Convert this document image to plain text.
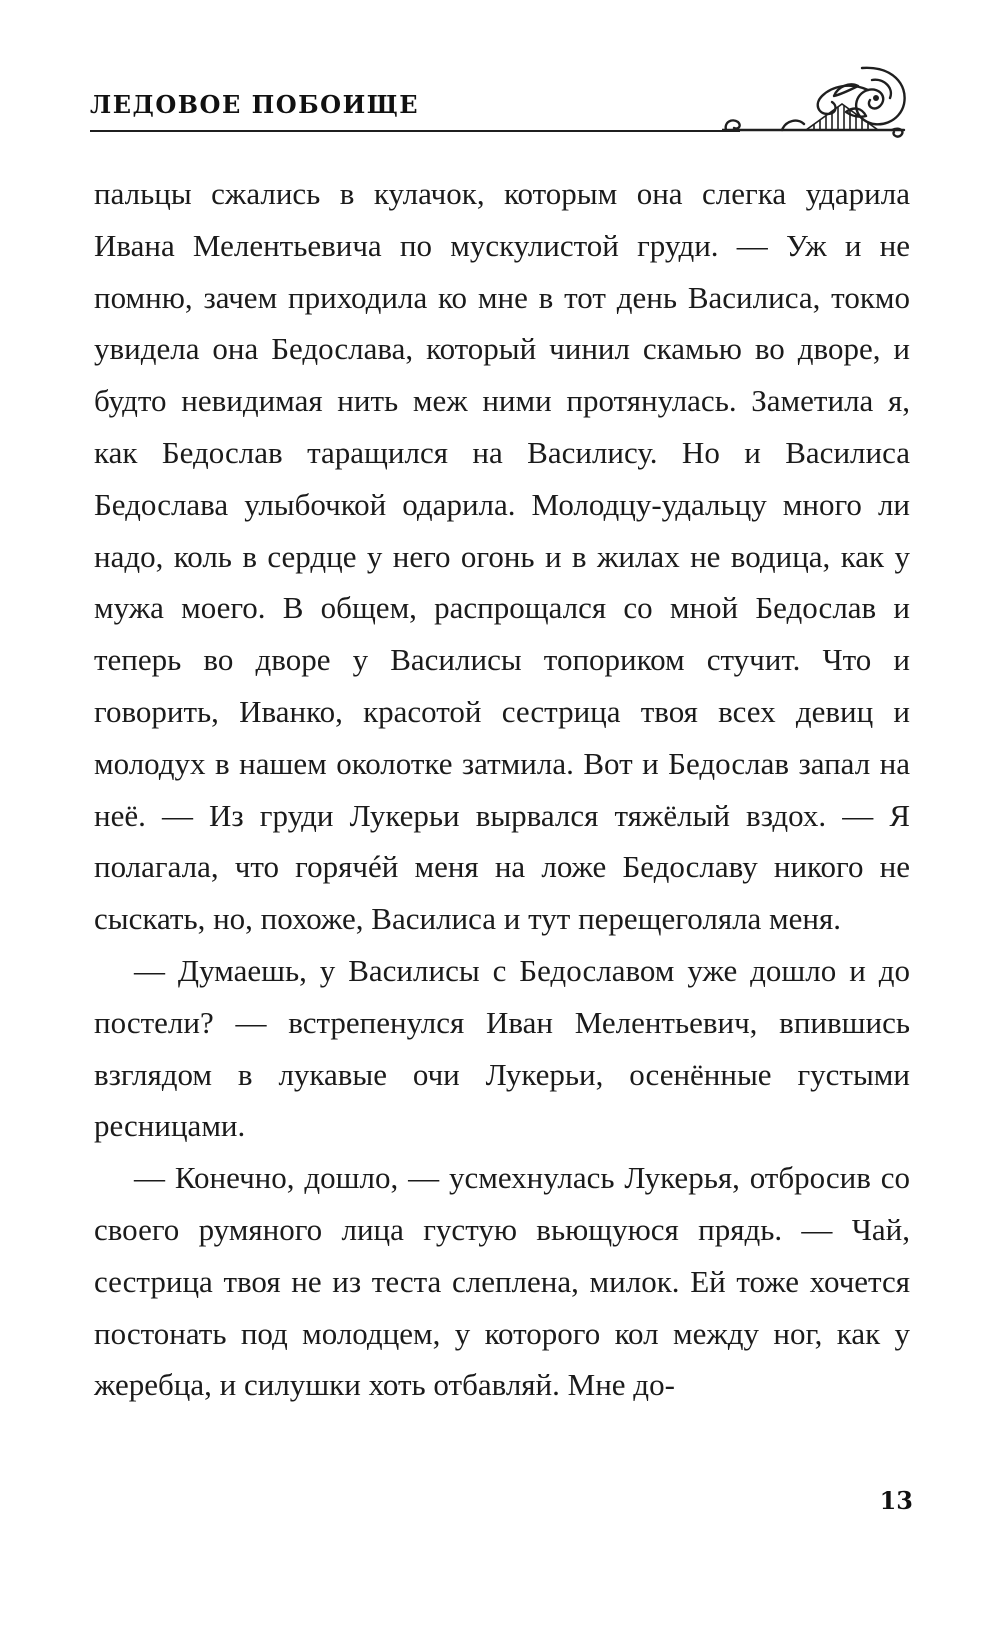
ЛЕДОВОЕ ПОБОИЩЕ

пальцы сжались в кулачок, которым она слегка ударила Ивана Мелентьевича по мускулистой груди. — Уж и не помню, зачем приходила ко мне в тот день Василиса, токмо увидела она Бедослава, который чинил скамью во дворе, и будто невидимая нить меж ними протянулась. Заметила я, как Бедослав таращился на Василису. Но и Василиса Бедослава улыбочкой одарила. Молодцу-удальцу много ли надо, коль в сердце у него огонь и в жилах не водица, как у мужа моего. В общем, распрощался со мной Бедослав и теперь во дворе у Василисы топориком стучит. Что и говорить, Иванко, красотой сестрица твоя всех девиц и молодух в нашем околотке затмила. Вот и Бедослав запал на неё. — Из груди Лукерьи вырвался тяжёлый вздох. — Я полагала, что горячéй меня на ложе Бедославу никого не сыскать, но, похоже, Василиса и тут перещеголяла меня.

— Думаешь, у Василисы с Бедославом уже дошло и до постели? — встрепенулся Иван Мелентьевич, впившись взглядом в лукавые очи Лукерьи, осенённые густыми ресницами.

— Конечно, дошло, — усмехнулась Лукерья, отбросив со своего румяного лица густую вьющуюся прядь. — Чай, сестрица твоя не из теста слеплена, милок. Ей тоже хочется постонать под молодцем, у которого кол между ног, как у жеребца, и силушки хоть отбавляй. Мне до-

13
